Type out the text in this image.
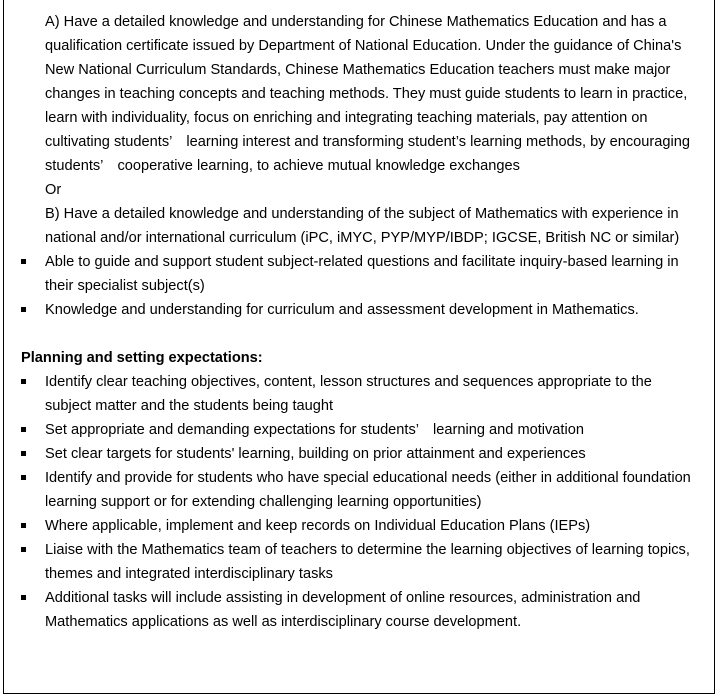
A) Have a detailed knowledge and understanding for Chinese Mathematics Education and has a qualification certificate issued by Department of National Education. Under the guidance of China's New National Curriculum Standards, Chinese Mathematics Education teachers must make major changes in teaching concepts and teaching methods. They must guide students to learn in practice, learn with individuality, focus on enriching and integrating teaching materials, pay attention on cultivating students’　learning interest and transforming student’s learning methods, by encouraging students’　cooperative learning, to achieve mutual knowledge exchanges

Or

B) Have a detailed knowledge and understanding of the subject of Mathematics with experience in national and/or international curriculum (iPC, iMYC, PYP/MYP/IBDP; IGCSE, British NC or similar)

Able to guide and support student subject-related questions and facilitate inquiry-based learning in their specialist subject(s)
Knowledge and understanding for curriculum and assessment development in Mathematics.

Planning and setting expectations:

Identify clear teaching objectives, content, lesson structures and sequences appropriate to the subject matter and the students being taught
Set appropriate and demanding expectations for students’　learning and motivation
Set clear targets for students' learning, building on prior attainment and experiences
Identify and provide for students who have special educational needs (either in additional foundation learning support or for extending challenging learning opportunities)
Where applicable, implement and keep records on Individual Education Plans (IEPs)
Liaise with the Mathematics team of teachers to determine the learning objectives of learning topics, themes and integrated interdisciplinary tasks
Additional tasks will include assisting in development of online resources, administration and Mathematics applications as well as interdisciplinary course development.
